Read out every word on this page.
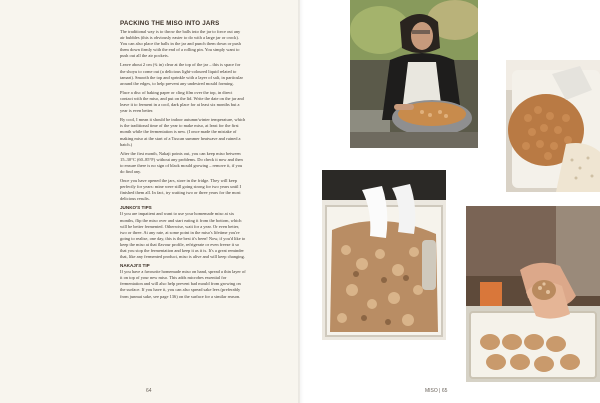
PACKING THE MISO INTO JARS

The traditional way is to throw the balls into the jar to force out any air bubbles (this is obviously easier to do with a large jar or crock). You can also place the balls in the jar and punch them down or push them down firmly with the end of a rolling pin. You simply want to push out all the air pockets.

Leave about 2 cm (¾ in) clear at the top of the jar – this is space for the shoyu to come out (a delicious light-coloured liquid related to tamari). Smooth the top and sprinkle with a layer of salt, in particular around the edges, to help prevent any undesired mould forming.

Place a disc of baking paper or cling film over the top, in direct contact with the miso, and put on the lid. Write the date on the jar and leave it to ferment in a cool, dark place for at least six months but a year is even better.

By cool, I mean it should be indoor autumn/winter temperature, which is the traditional time of the year to make miso, at least for the first month while the fermentation is new. (I once made the mistake of making miso at the start of a Tuscan summer heatwave and ruined a batch.)

After the first month, Nakaji points out, you can keep miso between 15–30°C (60–85°F) without any problems. Do check it now and then to ensure there is no sign of black mould growing – remove it, if you do find any.

Once you have opened the jars, store in the fridge. They will keep perfectly for years: mine were still going strong for two years until I finished them all. In fact, try waiting two or three years for the most delicious results.

JUNKO'S TIPS

If you are impatient and want to use your homemade miso at six months, flip the miso over and start eating it from the bottom, which will be better fermented. Otherwise, wait for a year. Or even better, two or three. At any rate, at some point in the miso's lifetime you're going to realise, one day, this is the best it's been! Now, if you'd like to keep the miso at that flavour profile, refrigerate or even freeze it so that you stop the fermentation and keep it as it is. It's a great reminder that, like any fermented product, miso is alive and will keep changing.

NAKAJI'S TIP

If you have a favourite homemade miso on hand, spread a thin layer of it on top of your new miso. This adds microbes essential for fermentation and will also help prevent bad mould from growing on the surface. If you have it, you can also spread sake lees (preferably from junmai sake, see page 136) on the surface for a similar reason.

64	MISO | 65
